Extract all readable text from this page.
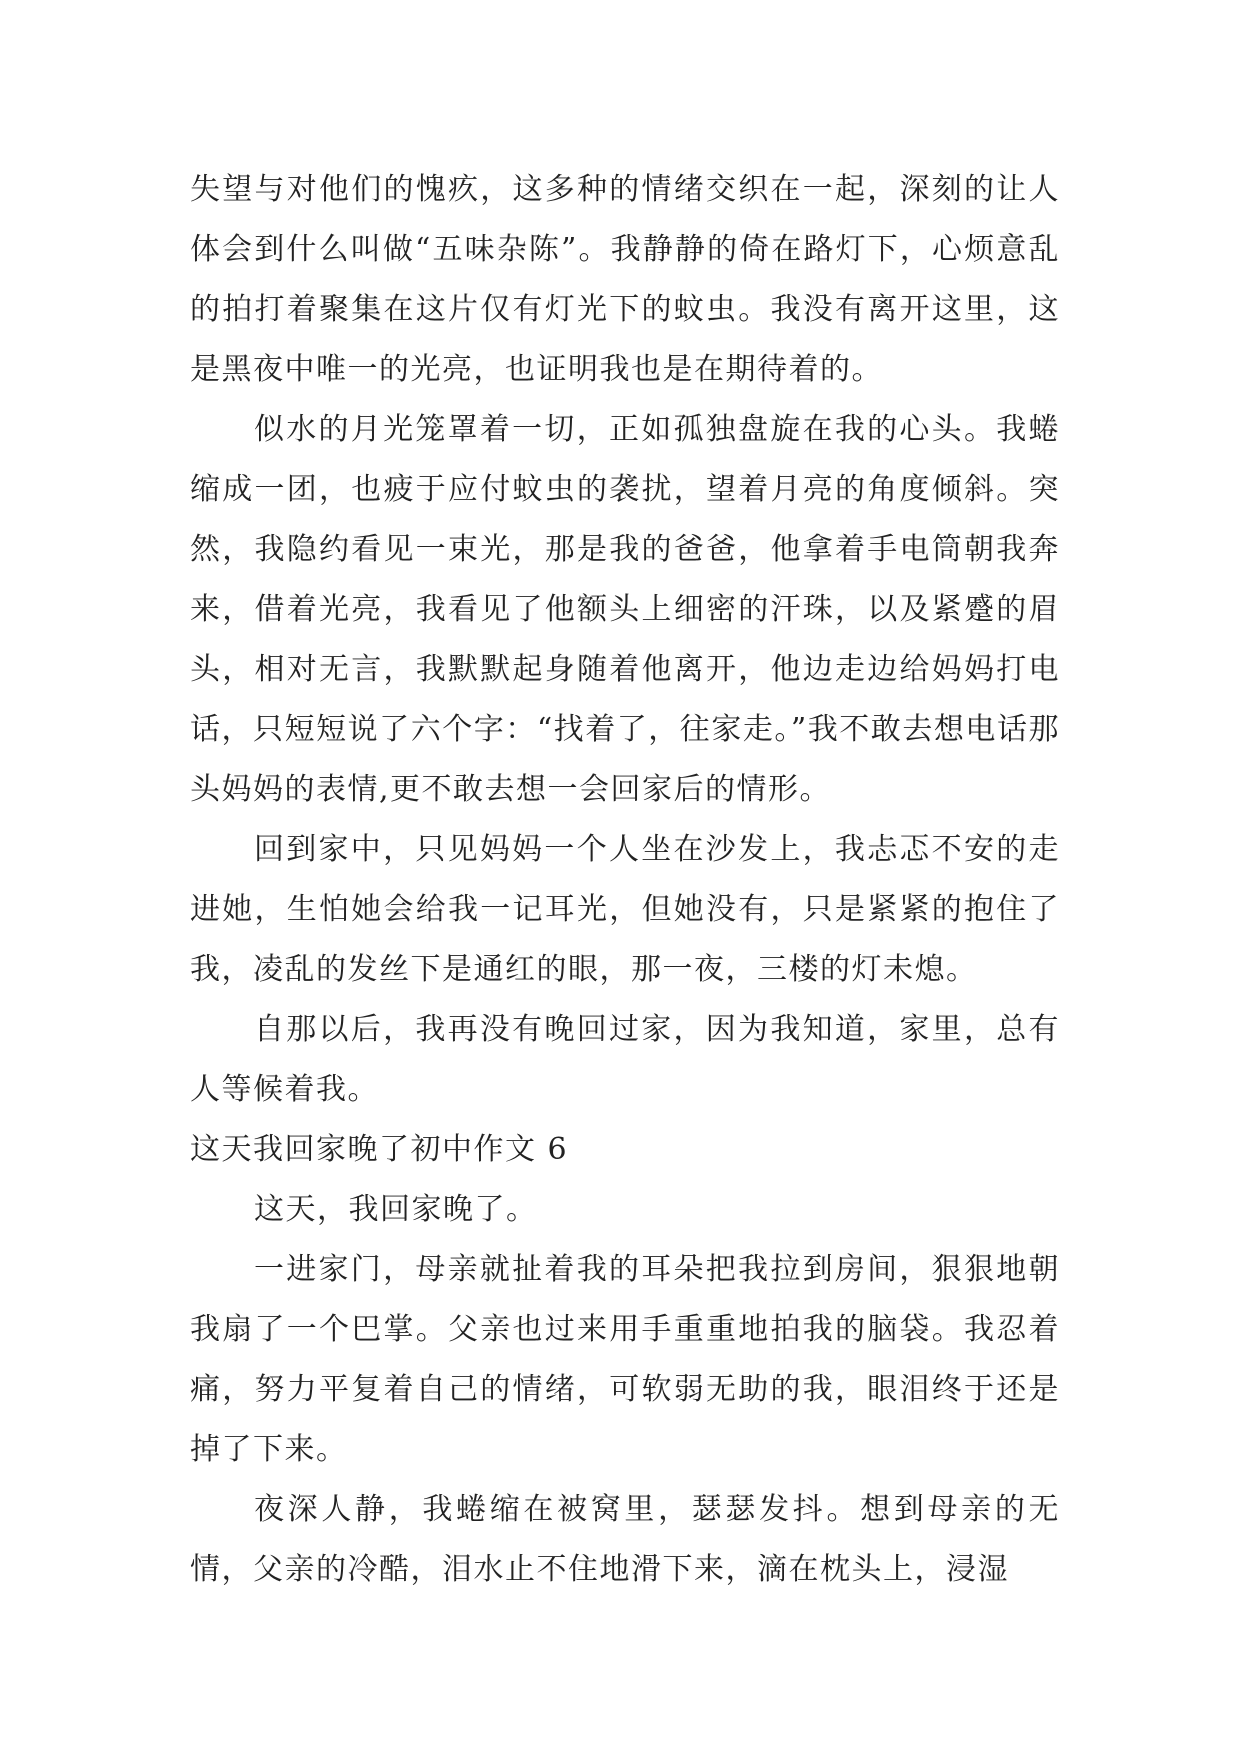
失望与对他们的愧疚，这多种的情绪交织在一起，深刻的让人体会到什么叫做“五味杂陈”。我静静的倚在路灯下，心烦意乱的拍打着聚集在这片仅有灯光下的蚊虫。我没有离开这里，这是黑夜中唯一的光亮，也证明我也是在期待着的。

似水的月光笼罩着一切，正如孤独盘旋在我的心头。我蜷缩成一团，也疲于应付蚊虫的袭扰，望着月亮的角度倾斜。突然，我隐约看见一束光，那是我的爸爸，他拿着手电筒朝我奔来，借着光亮，我看见了他额头上细密的汗珠，以及紧蹙的眉头，相对无言，我默默起身随着他离开，他边走边给妈妈打电话，只短短说了六个字：“找着了，往家走。”我不敢去想电话那头妈妈的表情,更不敢去想一会回家后的情形。

回到家中，只见妈妈一个人坐在沙发上，我忐忑不安的走进她，生怕她会给我一记耳光，但她没有，只是紧紧的抱住了我，凌乱的发丝下是通红的眼，那一夜，三楼的灯未熄。

自那以后，我再没有晚回过家，因为我知道，家里，总有人等候着我。

这天我回家晚了初中作文 6

这天，我回家晚了。

一进家门，母亲就扯着我的耳朵把我拉到房间，狠狠地朝我扇了一个巴掌。父亲也过来用手重重地拍我的脑袋。我忍着痛，努力平复着自己的情绪，可软弱无助的我，眼泪终于还是掉了下来。

夜深人静，我蜷缩在被窝里，瑟瑟发抖。想到母亲的无情，父亲的冷酷，泪水止不住地滑下来，滴在枕头上，浸湿
